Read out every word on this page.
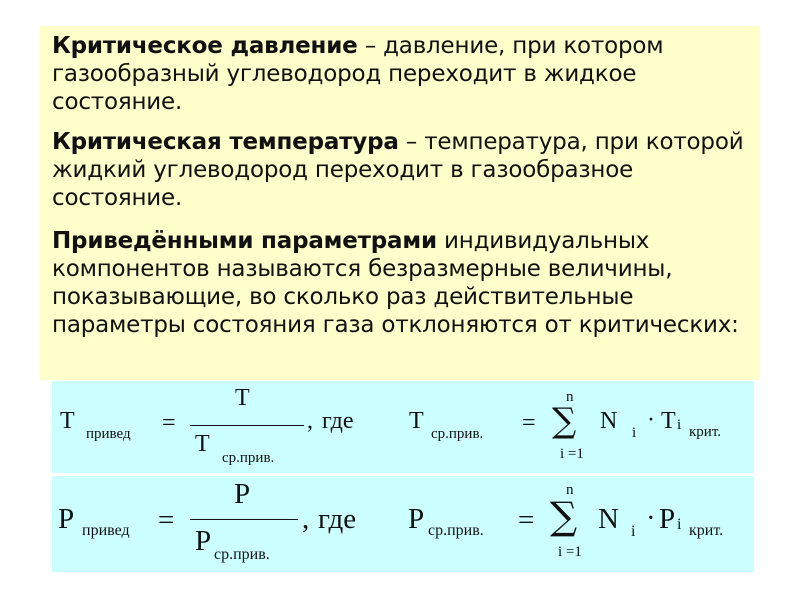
Критическое давление – давление, при котором газообразный углеводород переходит в жидкое состояние.

Критическая температура – температура, при которой жидкий углеводород переходит в газообразное состояние.

Приведёнными параметрами индивидуальных компонентов называются безразмерные величины, показывающие, во сколько раз действительные параметры состояния газа отклоняются от критических:

T привед =
T
T
ср.прив.
, где T ср.прив. =
n
∑
i =1
N i · T i крит.
P привед =
P
P ср.прив.
, где P ср.прив. =
n
∑
i =1
N i · P i крит.
